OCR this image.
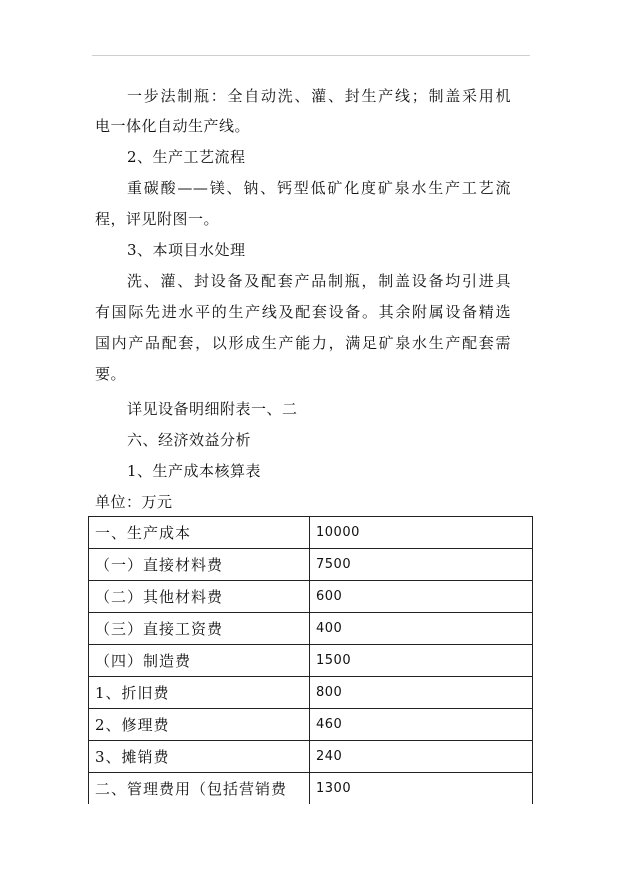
一步法制瓶：全自动洗、灌、封生产线；制盖采用机
电一体化自动生产线。
2、生产工艺流程
重碳酸——镁、钠、钙型低矿化度矿泉水生产工艺流
程，评见附图一。
3、本项目水处理
洗、灌、封设备及配套产品制瓶，制盖设备均引进具
有国际先进水平的生产线及配套设备。其余附属设备精选
国内产品配套，以形成生产能力，满足矿泉水生产配套需
要。
详见设备明细附表一、二
六、经济效益分析
1、生产成本核算表
单位：万元
一、生产成本	10000
（一）直接材料费	7500
（二）其他材料费	600
（三）直接工资费	400
（四）制造费	1500
1、折旧费	800
2、修理费	460
3、摊销费	240
二、管理费用（包括营销费	1300
